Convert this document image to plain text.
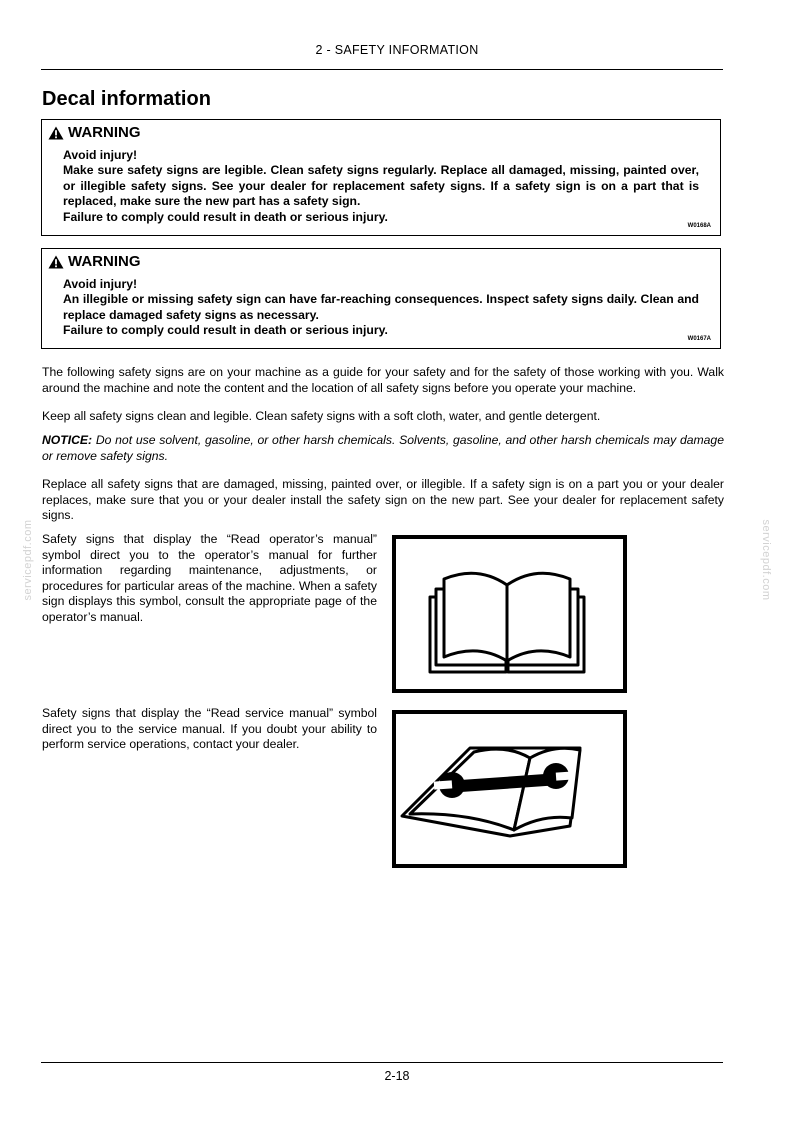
2 - SAFETY INFORMATION
Decal information
WARNING

Avoid injury!

Make sure safety signs are legible. Clean safety signs regularly. Replace all damaged, missing, painted over, or illegible safety signs. See your dealer for replacement safety signs. If a safety sign is on a part that is replaced, make sure the new part has a safety sign.

Failure to comply could result in death or serious injury.

W0168A
WARNING

Avoid injury!

An illegible or missing safety sign can have far-reaching consequences. Inspect safety signs daily. Clean and replace damaged safety signs as necessary.

Failure to comply could result in death or serious injury.

W0167A

The following safety signs are on your machine as a guide for your safety and for the safety of those working with you. Walk around the machine and note the content and the location of all safety signs before you operate your machine.

Keep all safety signs clean and legible. Clean safety signs with a soft cloth, water, and gentle detergent.

NOTICE: Do not use solvent, gasoline, or other harsh chemicals. Solvents, gasoline, and other harsh chemicals may damage or remove safety signs.

Replace all safety signs that are damaged, missing, painted over, or illegible. If a safety sign is on a part you or your dealer replaces, make sure that you or your dealer install the safety sign on the new part. See your dealer for replacement safety signs.

Safety signs that display the “Read operator’s manual” symbol direct you to the operator’s manual for further information regarding maintenance, adjustments, or procedures for particular areas of the machine. When a safety sign displays this symbol, consult the appropriate page of the operator’s manual.

Safety signs that display the “Read service manual” symbol direct you to the service manual. If you doubt your ability to perform service operations, contact your dealer.

servicepdf.com	servicepdf.com
2-18
